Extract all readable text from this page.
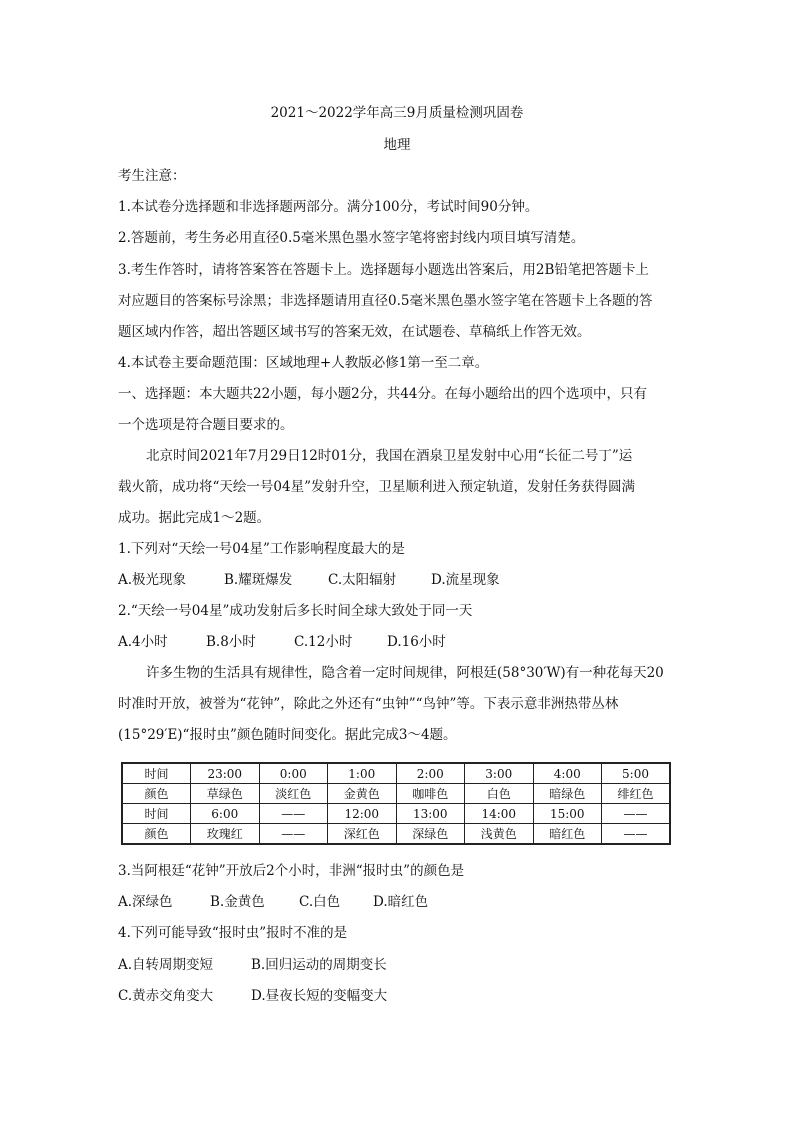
2021～2022学年高三9月质量检测巩固卷
地理
考生注意：
1.本试卷分选择题和非选择题两部分。满分100分，考试时间90分钟。
2.答题前，考生务必用直径0.5毫米黑色墨水签字笔将密封线内项目填写清楚。
3.考生作答时，请将答案答在答题卡上。选择题每小题选出答案后，用2B铅笔把答题卡上
对应题目的答案标号涂黑；非选择题请用直径0.5毫米黑色墨水签字笔在答题卡上各题的答
题区域内作答，超出答题区域书写的答案无效，在试题卷、草稿纸上作答无效。
4.本试卷主要命题范围：区域地理+人教版必修1第一至二章。
一、选择题：本大题共22小题，每小题2分，共44分。在每小题给出的四个选项中，只有
一个选项是符合题目要求的。
北京时间2021年7月29日12时01分，我国在酒泉卫星发射中心用“长征二号丁”运
载火箭，成功将“天绘一号04星”发射升空，卫星顺利进入预定轨道，发射任务获得圆满
成功。据此完成1～2题。
1.下列对“天绘一号04星”工作影响程度最大的是
A.极光现象	B.耀斑爆发	C.太阳辐射	D.流星现象
2.“天绘一号04星”成功发射后多长时间全球大致处于同一天
A.4小时	B.8小时	C.12小时	D.16小时
许多生物的生活具有规律性，隐含着一定时间规律，阿根廷(58°30′W)有一种花每天20
时准时开放，被誉为“花钟”，除此之外还有“虫钟”“鸟钟”等。下表示意非洲热带丛林
(15°29′E)“报时虫”颜色随时间变化。据此完成3～4题。
时间	23:00	0:00	1:00	2:00	3:00	4:00	5:00
颜色	草绿色	淡红色	金黄色	咖啡色	白色	暗绿色	绯红色
时间	6:00	——	12:00	13:00	14:00	15:00	——
颜色	玫瑰红	——	深红色	深绿色	浅黄色	暗红色	——
3.当阿根廷“花钟”开放后2个小时，非洲“报时虫”的颜色是
A.深绿色	B.金黄色	C.白色 D.暗红色
4.下列可能导致“报时虫”报时不准的是
A.自转周期变短	B.回归运动的周期变长
C.黄赤交角变大	D.昼夜长短的变幅变大
